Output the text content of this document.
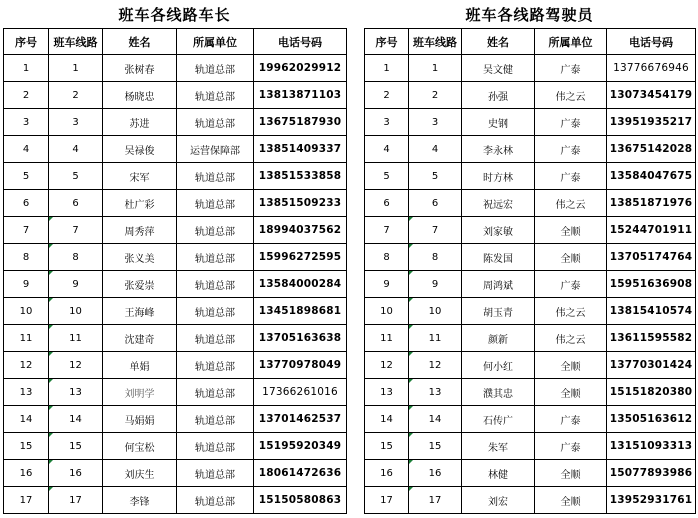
班车各线路车长
序号	班车线路	姓名	所属单位	电话号码
1	1	张树春	轨道总部	19962029912
2	2	杨晓忠	轨道总部	13813871103
3	3	苏进	轨道总部	13675187930
4	4	吴禄俊	运营保障部	13851409337
5	5	宋军	轨道总部	13851533858
6	6	杜广彩	轨道总部	13851509233
7	7	周秀萍	轨道总部	18994037562
8	8	张义美	轨道总部	15996272595
9	9	张爱崇	轨道总部	13584000284
10	10	王海峰	轨道总部	13451898681
11	11	沈建奇	轨道总部	13705163638
12	12	单娟	轨道总部	13770978049
13	13	刘明学	轨道总部	17366261016
14	14	马娟娟	轨道总部	13701462537
15	15	何宝松	轨道总部	15195920349
16	16	刘庆生	轨道总部	18061472636
17	17	李锋	轨道总部	15150580863
班车各线路驾驶员
序号	班车线路	姓名	所属单位	电话号码
1	1	吴文健	广泰	13776676946
2	2	孙强	伟之云	13073454179
3	3	史钢	广泰	13951935217
4	4	李永林	广泰	13675142028
5	5	时方林	广泰	13584047675
6	6	祝远宏	伟之云	13851871976
7	7	刘家敏	全顺	15244701911
8	8	陈发国	全顺	13705174764
9	9	周鸿斌	广泰	15951636908
10	10	胡玉青	伟之云	13815410574
11	11	颜新	伟之云	13611595582
12	12	何小红	全顺	13770301424
13	13	濮其忠	全顺	15151820380
14	14	石传广	广泰	13505163612
15	15	朱军	广泰	13151093313
16	16	林健	全顺	15077893986
17	17	刘宏	全顺	13952931761
